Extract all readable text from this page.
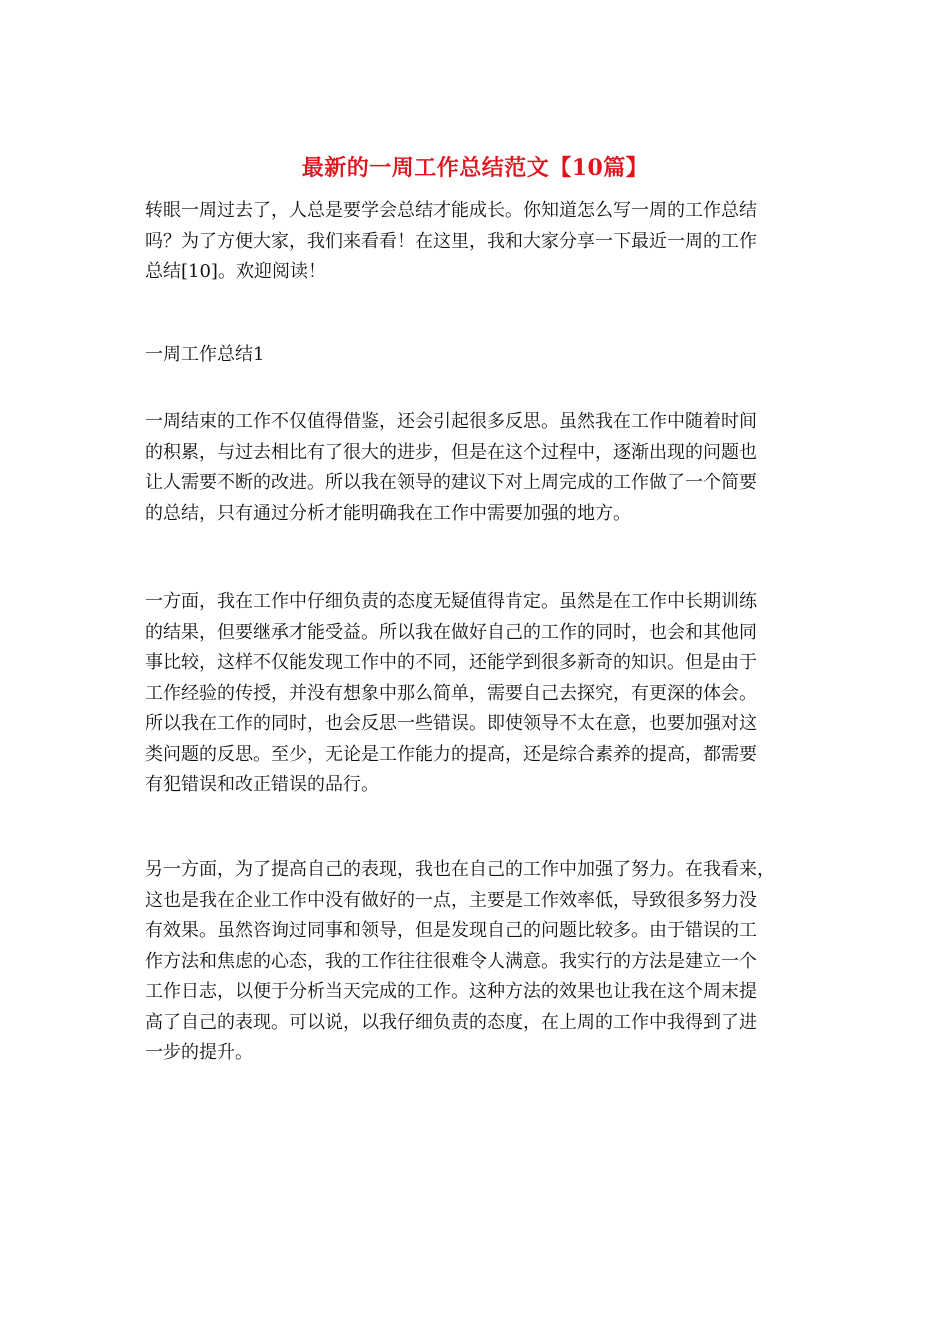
最新的一周工作总结范文【10篇】
转眼一周过去了，人总是要学会总结才能成长。你知道怎么写一周的工作总结
吗？为了方便大家，我们来看看！在这里，我和大家分享一下最近一周的工作
总结[10]。欢迎阅读！
一周工作总结1
一周结束的工作不仅值得借鉴，还会引起很多反思。虽然我在工作中随着时间
的积累，与过去相比有了很大的进步，但是在这个过程中，逐渐出现的问题也
让人需要不断的改进。所以我在领导的建议下对上周完成的工作做了一个简要
的总结，只有通过分析才能明确我在工作中需要加强的地方。
一方面，我在工作中仔细负责的态度无疑值得肯定。虽然是在工作中长期训练
的结果，但要继承才能受益。所以我在做好自己的工作的同时，也会和其他同
事比较，这样不仅能发现工作中的不同，还能学到很多新奇的知识。但是由于
工作经验的传授，并没有想象中那么简单，需要自己去探究，有更深的体会。
所以我在工作的同时，也会反思一些错误。即使领导不太在意，也要加强对这
类问题的反思。至少，无论是工作能力的提高，还是综合素养的提高，都需要
有犯错误和改正错误的品行。
另一方面，为了提高自己的表现，我也在自己的工作中加强了努力。在我看来，
这也是我在企业工作中没有做好的一点，主要是工作效率低，导致很多努力没
有效果。虽然咨询过同事和领导，但是发现自己的问题比较多。由于错误的工
作方法和焦虑的心态，我的工作往往很难令人满意。我实行的方法是建立一个
工作日志，以便于分析当天完成的工作。这种方法的效果也让我在这个周末提
高了自己的表现。可以说，以我仔细负责的态度，在上周的工作中我得到了进
一步的提升。
